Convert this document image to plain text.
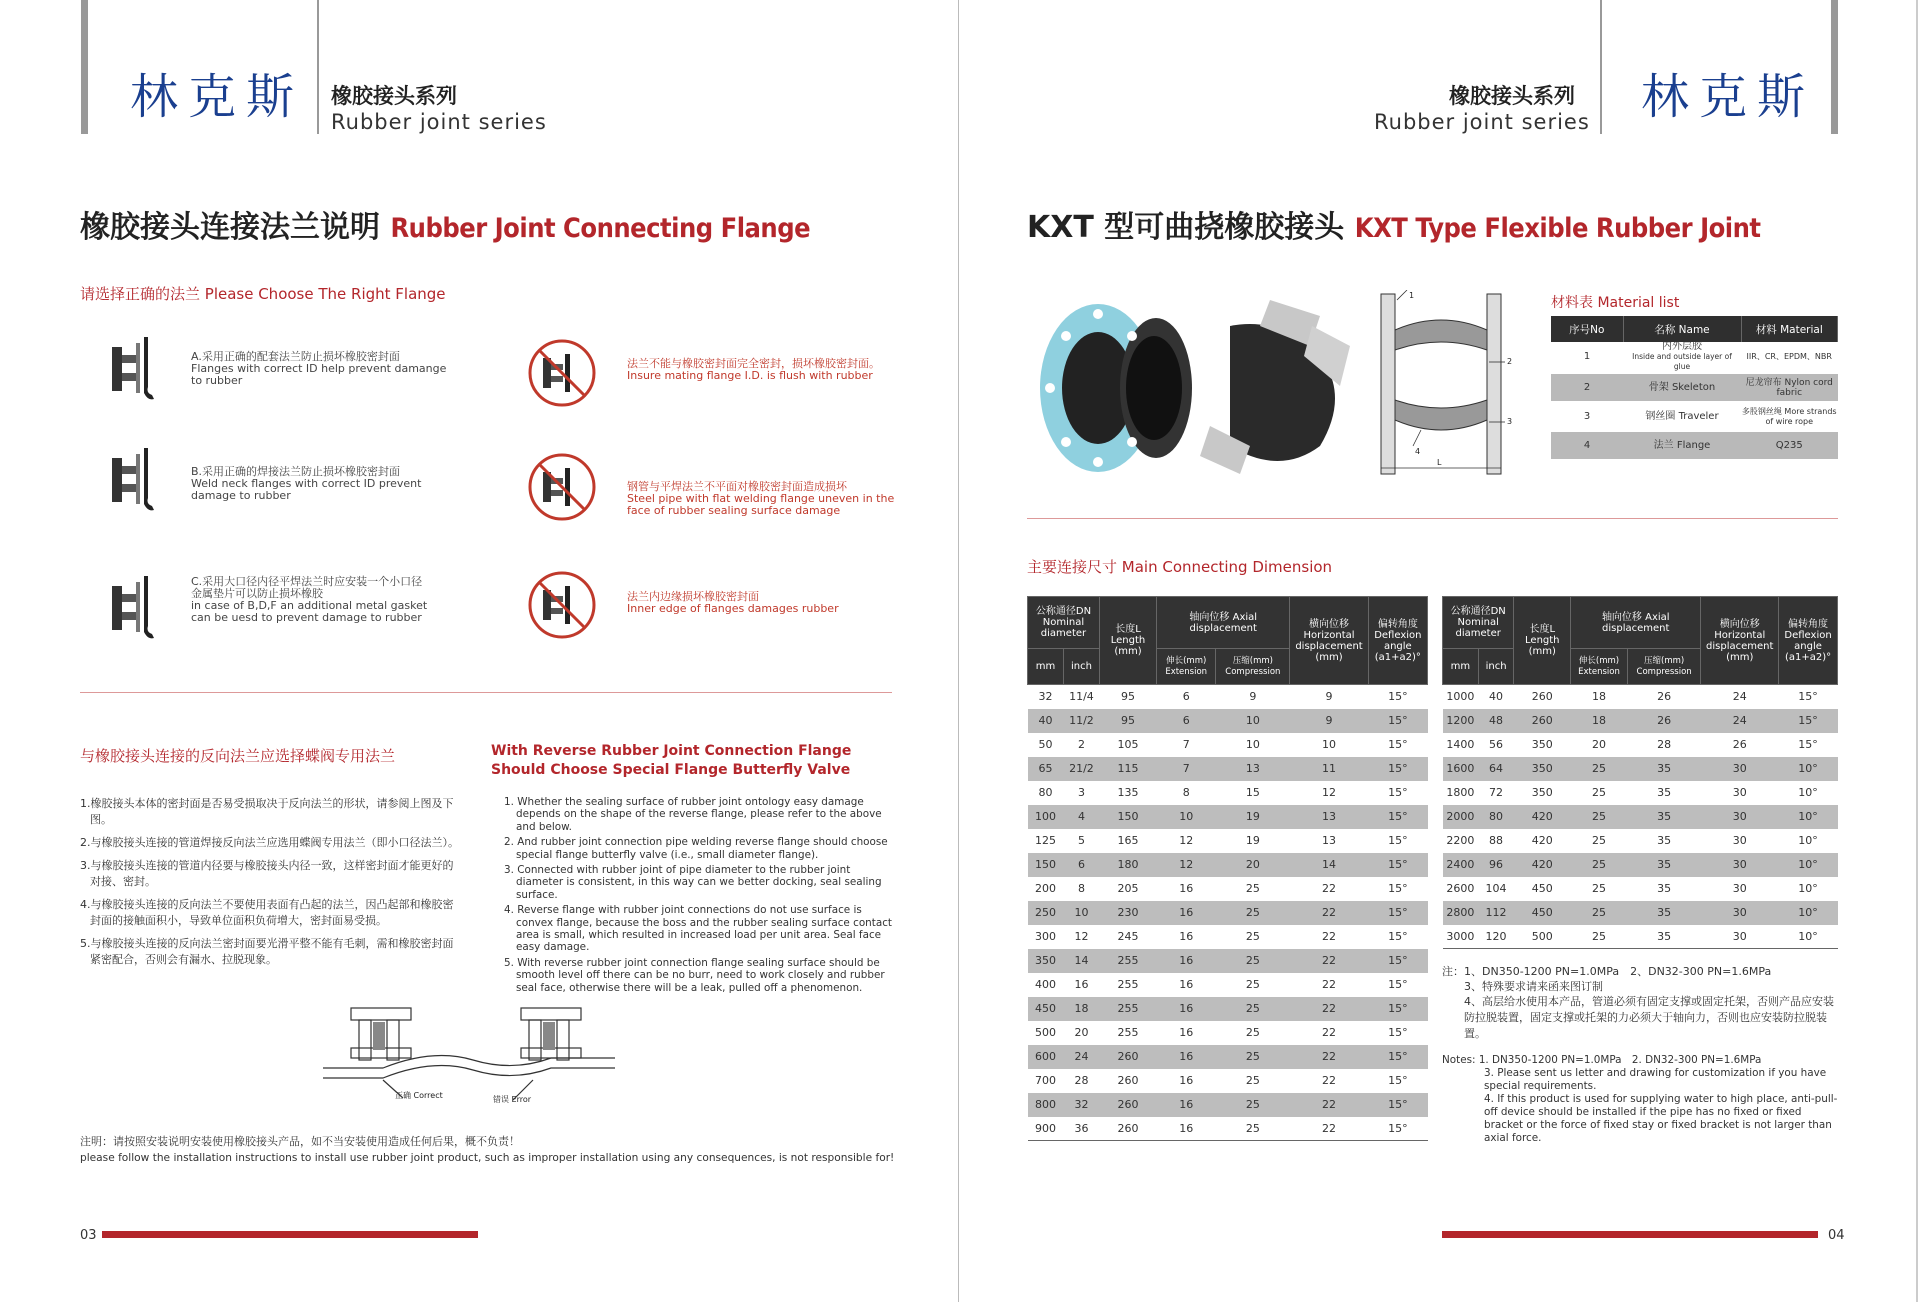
林克斯 橡胶接头系列
Rubber joint series
橡胶接头连接法兰说明 Rubber Joint Connecting Flange
请选择正确的法兰 Please Choose The Right Flange
A.采用正确的配套法兰防止损坏橡胶密封面
Flanges with correct ID help prevent damange to rubber
B.采用正确的焊接法兰防止损坏橡胶密封面
Weld neck flanges with correct ID prevent damage to rubber
C.采用大口径内径平焊法兰时应安装一个小口径金属垫片可以防止损坏橡胶
in case of B,D,F an additional metal gasket can be uesd to prevent damage to rubber
法兰不能与橡胶密封面完全密封，损坏橡胶密封面。
Insure mating flange I.D. is flush with rubber
钢管与平焊法兰不平面对橡胶密封面造成损坏
Steel pipe with flat welding flange uneven in the face of rubber sealing surface damage
法兰内边缘损坏橡胶密封面
Inner edge of flanges damages rubber
与橡胶接头连接的反向法兰应选择蝶阀专用法兰	With Reverse Rubber Joint Connection Flange
Should Choose Special Flange Butterfly Valve
1.橡胶接头本体的密封面是否易受损取决于反向法兰的形状，请参阅上图及下图。
2.与橡胶接头连接的管道焊接反向法兰应选用蝶阀专用法兰（即小口径法兰）。
3.与橡胶接头连接的管道内径要与橡胶接头内径一致，这样密封面才能更好的对接、密封。
4.与橡胶接头连接的反向法兰不要使用表面有凸起的法兰，因凸起部和橡胶密封面的接触面积小，导致单位面积负荷增大，密封面易受损。
5.与橡胶接头连接的反向法兰密封面要光滑平整不能有毛刺，需和橡胶密封面紧密配合，否则会有漏水、拉脱现象。
1. Whether the sealing surface of rubber joint ontology easy damage depends on the shape of the reverse flange, please refer to the above and below.
2. And rubber joint connection pipe welding reverse flange should choose special flange butterfly valve (i.e., small diameter flange).
3. Connected with rubber joint of pipe diameter to the rubber joint diameter is consistent, in this way can we better docking, seal sealing surface.
4. Reverse flange with rubber joint connections do not use surface is convex flange, because the boss and the rubber sealing surface contact area is small, which resulted in increased load per unit area. Seal face easy damage.
5. With reverse rubber joint connection flange sealing surface should be smooth level off there can be no burr, need to work closely and rubber seal face, otherwise there will be a leak, pulled off a phenomenon.
正确 Correct	错误 Error
注明：请按照安装说明安装使用橡胶接头产品，如不当安装使用造成任何后果，概不负责！
please follow the installation instructions to install use rubber joint product, such as improper installation using any consequences, is not responsible for!
03
林克斯
橡胶接头系列
Rubber joint series
KXT 型可曲挠橡胶接头 KXT Type Flexible Rubber Joint
1
2
3
4
L
材料表 Material list
序号No	名称 Name	材料 Material
1	内外层胶
Inside and outside layer of glue	IIR、CR、EPDM、NBR
2	骨架 Skeleton	尼龙帘布 Nylon cord fabric
3	钢丝圈 Traveler	多股钢丝绳 More strands of wire rope
4	法兰 Flange	Q235
主要连接尺寸 Main Connecting Dimension
公称通径DN Nominal diameter		长度L Length (mm)	轴向位移 Axial displacement		横向位移 Horizontal displacement (mm)	偏转角度 Deflexion angle (a1+a2)°
mm	inch		伸长(mm) Extension	压缩(mm) Compression		
32	11/4	95	6	9	9	15°
40	11/2	95	6	10	9	15°
50	2	105	7	10	10	15°
65	21/2	115	7	13	11	15°
80	3	135	8	15	12	15°
100	4	150	10	19	13	15°
125	5	165	12	19	13	15°
150	6	180	12	20	14	15°
200	8	205	16	25	22	15°
250	10	230	16	25	22	15°
300	12	245	16	25	22	15°
350	14	255	16	25	22	15°
400	16	255	16	25	22	15°
450	18	255	16	25	22	15°
500	20	255	16	25	22	15°
600	24	260	16	25	22	15°
700	28	260	16	25	22	15°
800	32	260	16	25	22	15°
900	36	260	16	25	22	15°
公称通径DN Nominal diameter		长度L Length (mm)	轴向位移 Axial displacement		横向位移 Horizontal displacement (mm)	偏转角度 Deflexion angle (a1+a2)°
mm	inch		伸长(mm) Extension	压缩(mm) Compression		
1000	40	260	18	26	24	15°
1200	48	260	18	26	24	15°
1400	56	350	20	28	26	15°
1600	64	350	25	35	30	10°
1800	72	350	25	35	30	10°
2000	80	420	25	35	30	10°
2200	88	420	25	35	30	10°
2400	96	420	25	35	30	10°
2600	104	450	25	35	30	10°
2800	112	450	25	35	30	10°
3000	120	500	25	35	30	10°
注：1、DN350-1200 PN=1.0MPa　2、DN32-300 PN=1.6MPa
3、特殊要求请来函来图订制
4、高层给水使用本产品，管道必须有固定支撑或固定托架，否则产品应安装防拉脱装置，固定支撑或托架的力必须大于轴向力，否则也应安装防拉脱装置。
Notes: 1. DN350-1200 PN=1.0MPa　2. DN32-300 PN=1.6MPa
3. Please sent us letter and drawing for customization if you have special requirements.
4. If this product is used for supplying water to high place, anti-pull-off device should be installed if the pipe has no fixed or fixed bracket or the force of fixed stay or fixed bracket is not larger than axial force.
04
